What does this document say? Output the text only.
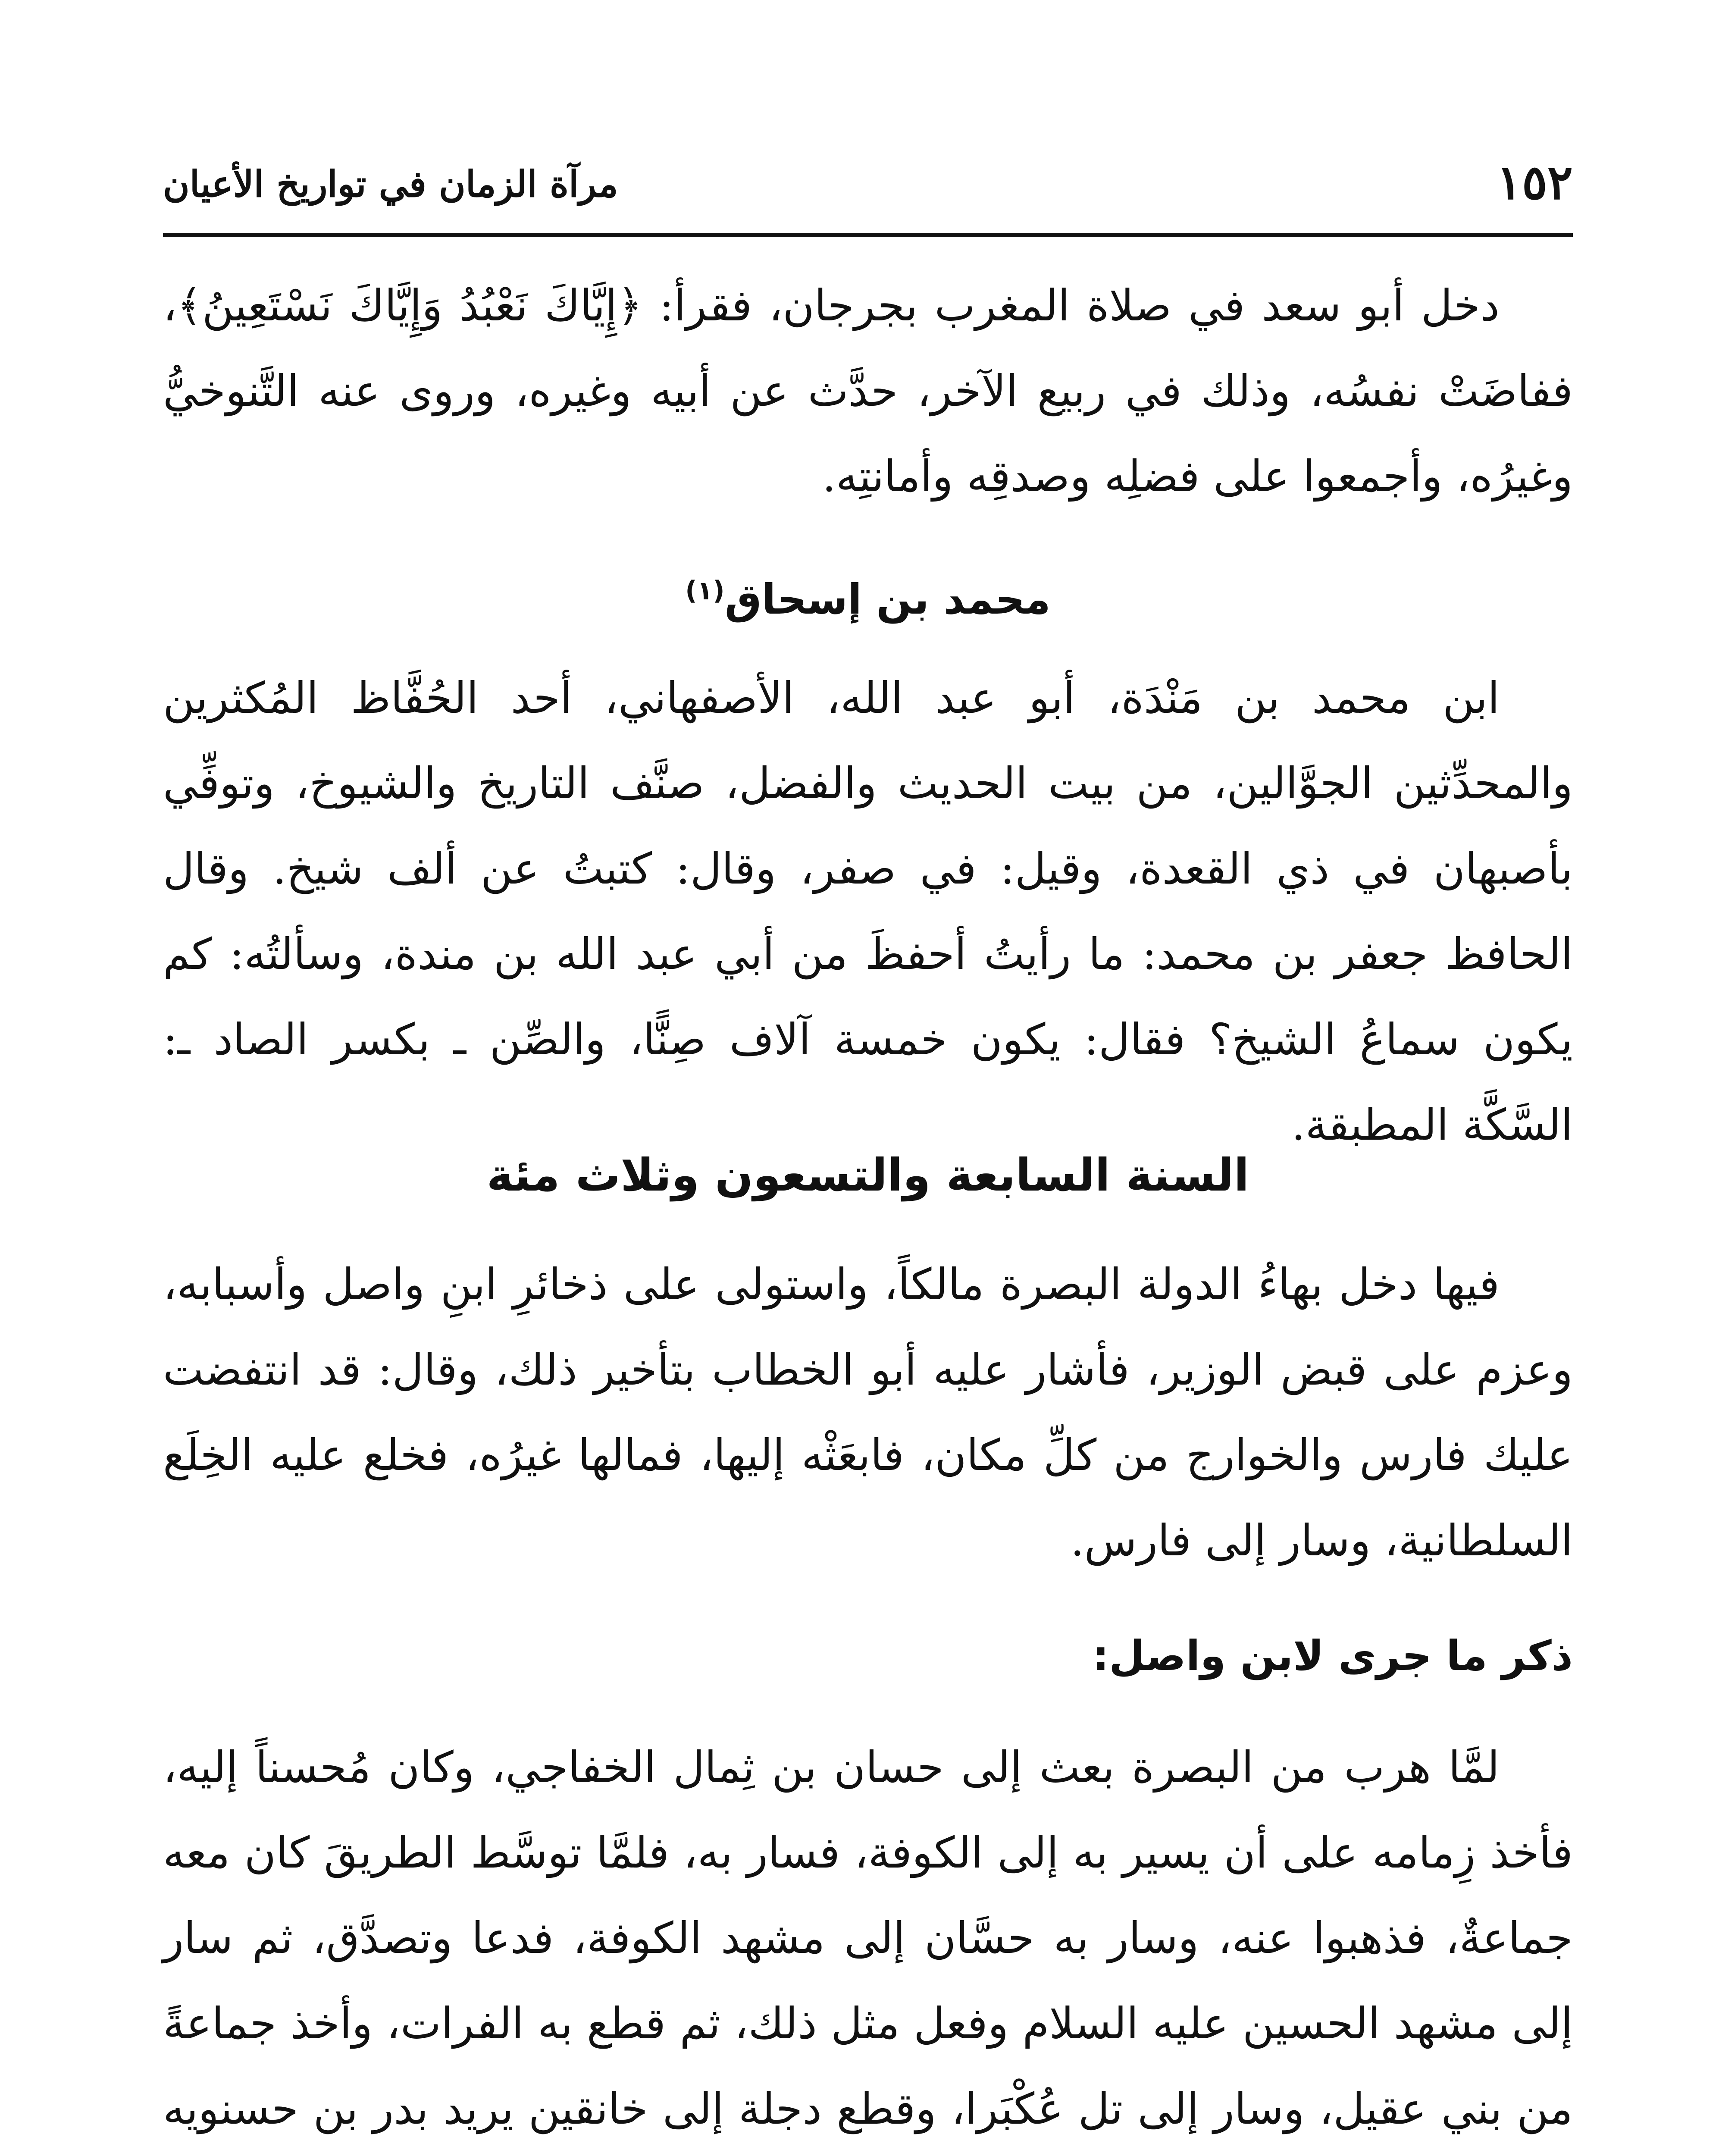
١٥٢
مرآة الزمان في تواريخ الأعيان

دخل أبو سعد في صلاة المغرب بجرجان، فقرأ: ﴿إِيَّاكَ نَعْبُدُ وَإِيَّاكَ نَسْتَعِينُ﴾، ففاضَتْ نفسُه، وذلك في ربيع الآخر، حدَّث عن أبيه وغيره، وروى عنه التَّنوخيُّ وغيرُه، وأجمعوا على فضلِه وصدقِه وأمانتِه.

محمد بن إسحاق$^{(١)}$

ابن محمد بن مَنْدَة، أبو عبد الله، الأصفهاني، أحد الحُفَّاظ المُكثرين والمحدِّثين الجوَّالين، من بيت الحديث والفضل، صنَّف التاريخ والشيوخ، وتوفِّي بأصبهان في ذي القعدة، وقيل: في صفر، وقال: كتبتُ عن ألف شيخ. وقال الحافظ جعفر بن محمد: ما رأيتُ أحفظَ من أبي عبد الله بن مندة، وسألتُه: كم يكون سماعُ الشيخ؟ فقال: يكون خمسة آلاف صِنًّا، والصِّن ـ بكسر الصاد ـ: السَّكَّة المطبقة.

السنة السابعة والتسعون وثلاث مئة

فيها دخل بهاءُ الدولة البصرة مالكاً، واستولى على ذخائرِ ابنِ واصل وأسبابه، وعزم على قبض الوزير، فأشار عليه أبو الخطاب بتأخير ذلك، وقال: قد انتفضت عليك فارس والخوارج من كلِّ مكان، فابعَثْه إليها، فمالها غيرُه، فخلع عليه الخِلَع السلطانية، وسار إلى فارس.

ذكر ما جرى لابن واصل:

لمَّا هرب من البصرة بعث إلى حسان بن ثِمال الخفاجي، وكان مُحسناً إليه، فأخذ زِمامه على أن يسير به إلى الكوفة، فسار به، فلمَّا توسَّط الطريقَ كان معه جماعةٌ، فذهبوا عنه، وسار به حسَّان إلى مشهد الكوفة، فدعا وتصدَّق، ثم سار إلى مشهد الحسين عليه السلام وفعل مثل ذلك، ثم قطع به الفرات، وأخذ جماعةً من بني عقيل، وسار إلى تل عُكْبَرا، وقطع دجلة إلى خانقين يريد بدر بن حسنويه
